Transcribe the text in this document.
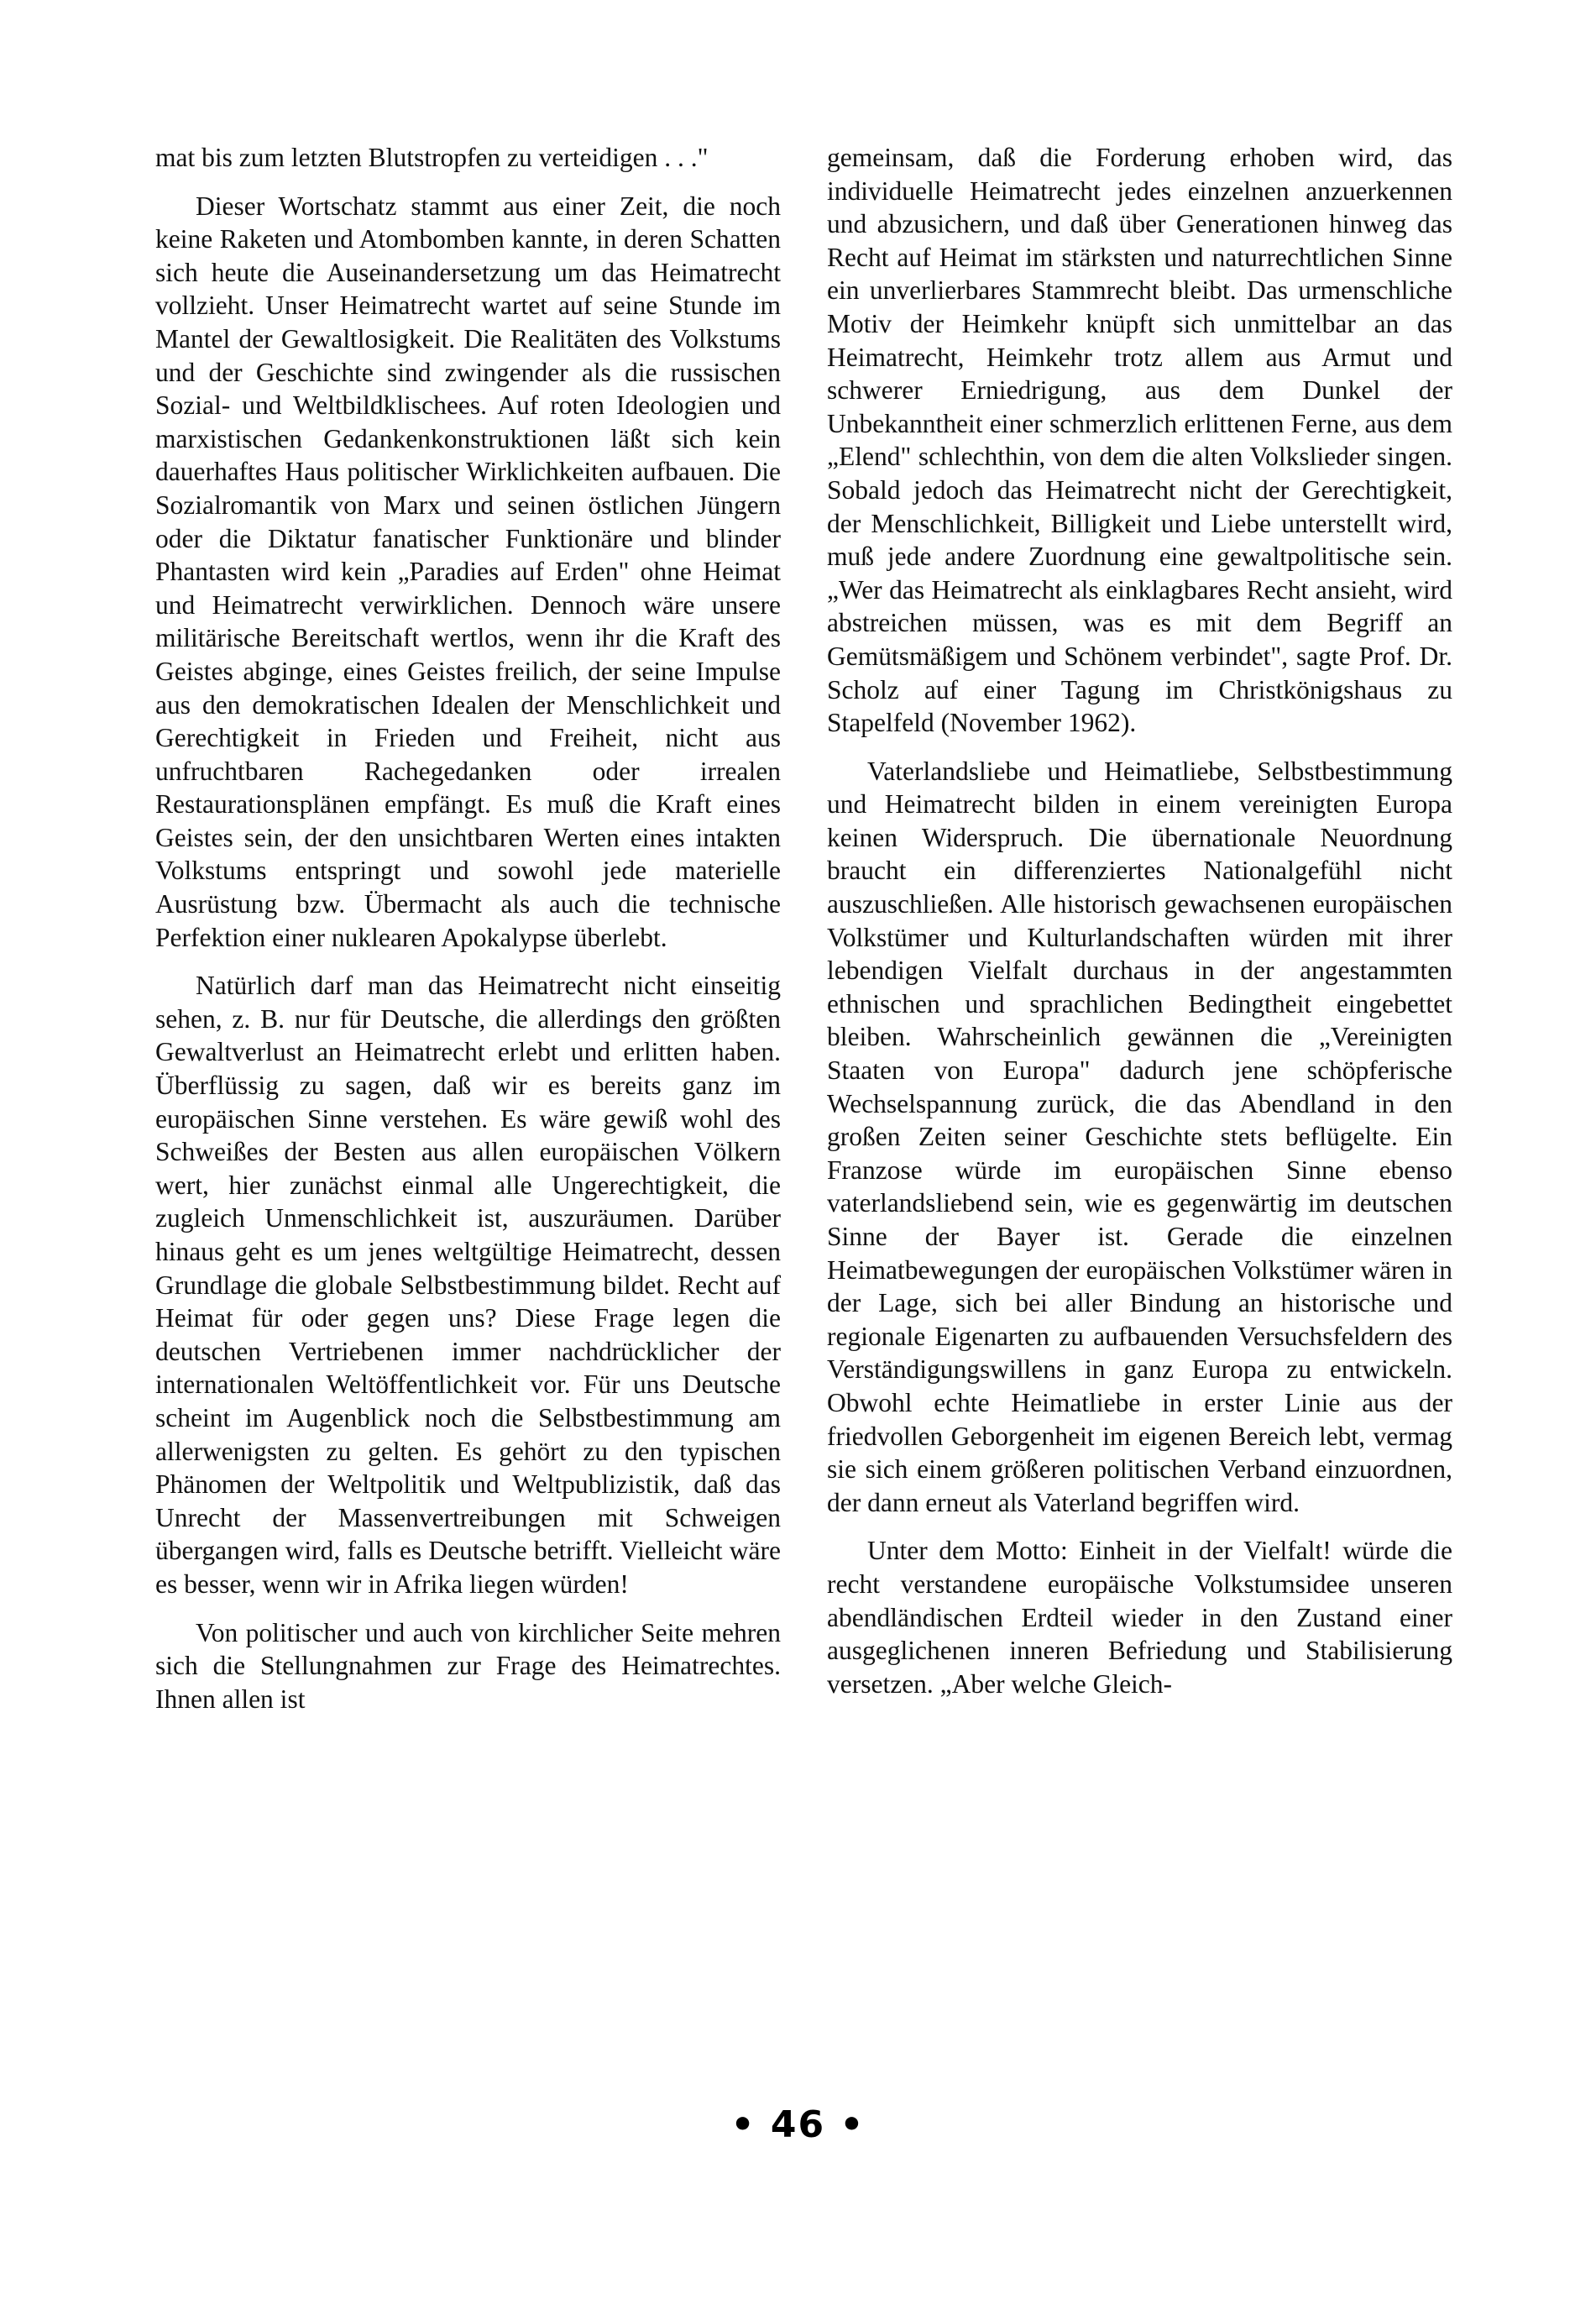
mat bis zum letzten Blutstropfen zu verteidigen . . ."

Dieser Wortschatz stammt aus einer Zeit, die noch keine Raketen und Atombomben kannte, in deren Schatten sich heute die Auseinandersetzung um das Heimatrecht vollzieht. Unser Heimatrecht wartet auf seine Stunde im Mantel der Gewaltlosigkeit. Die Realitäten des Volkstums und der Geschichte sind zwingender als die russischen Sozial- und Weltbildklischees. Auf roten Ideologien und marxistischen Gedankenkonstruktionen läßt sich kein dauerhaftes Haus politischer Wirklichkeiten aufbauen. Die Sozialromantik von Marx und seinen östlichen Jüngern oder die Diktatur fanatischer Funktionäre und blinder Phantasten wird kein „Paradies auf Erden" ohne Heimat und Heimatrecht verwirklichen. Dennoch wäre unsere militärische Bereitschaft wertlos, wenn ihr die Kraft des Geistes abginge, eines Geistes freilich, der seine Impulse aus den demokratischen Idealen der Menschlichkeit und Gerechtigkeit in Frieden und Freiheit, nicht aus unfruchtbaren Rachegedanken oder irrealen Restaurationsplänen empfängt. Es muß die Kraft eines Geistes sein, der den unsichtbaren Werten eines intakten Volkstums entspringt und sowohl jede materielle Ausrüstung bzw. Übermacht als auch die technische Perfektion einer nuklearen Apokalypse überlebt.

Natürlich darf man das Heimatrecht nicht einseitig sehen, z. B. nur für Deutsche, die allerdings den größten Gewaltverlust an Heimatrecht erlebt und erlitten haben. Überflüssig zu sagen, daß wir es bereits ganz im europäischen Sinne verstehen. Es wäre gewiß wohl des Schweißes der Besten aus allen europäischen Völkern wert, hier zunächst einmal alle Ungerechtigkeit, die zugleich Unmenschlichkeit ist, auszuräumen. Darüber hinaus geht es um jenes weltgültige Heimatrecht, dessen Grundlage die globale Selbstbestimmung bildet. Recht auf Heimat für oder gegen uns? Diese Frage legen die deutschen Vertriebenen immer nachdrücklicher der internationalen Weltöffentlichkeit vor. Für uns Deutsche scheint im Augenblick noch die Selbstbestimmung am allerwenigsten zu gelten. Es gehört zu den typischen Phänomen der Weltpolitik und Weltpublizistik, daß das Unrecht der Massenvertreibungen mit Schweigen übergangen wird, falls es Deutsche betrifft. Vielleicht wäre es besser, wenn wir in Afrika liegen würden!

Von politischer und auch von kirchlicher Seite mehren sich die Stellungnahmen zur Frage des Heimatrechtes. Ihnen allen ist

gemeinsam, daß die Forderung erhoben wird, das individuelle Heimatrecht jedes einzelnen anzuerkennen und abzusichern, und daß über Generationen hinweg das Recht auf Heimat im stärksten und naturrechtlichen Sinne ein unverlierbares Stammrecht bleibt. Das urmenschliche Motiv der Heimkehr knüpft sich unmittelbar an das Heimatrecht, Heimkehr trotz allem aus Armut und schwerer Erniedrigung, aus dem Dunkel der Unbekanntheit einer schmerzlich erlittenen Ferne, aus dem „Elend" schlechthin, von dem die alten Volkslieder singen. Sobald jedoch das Heimatrecht nicht der Gerechtigkeit, der Menschlichkeit, Billigkeit und Liebe unterstellt wird, muß jede andere Zuordnung eine gewaltpolitische sein. „Wer das Heimatrecht als einklagbares Recht ansieht, wird abstreichen müssen, was es mit dem Begriff an Gemütsmäßigem und Schönem verbindet", sagte Prof. Dr. Scholz auf einer Tagung im Christkönigshaus zu Stapelfeld (November 1962).

Vaterlandsliebe und Heimatliebe, Selbstbestimmung und Heimatrecht bilden in einem vereinigten Europa keinen Widerspruch. Die übernationale Neuordnung braucht ein differenziertes Nationalgefühl nicht auszuschließen. Alle historisch gewachsenen europäischen Volkstümer und Kulturlandschaften würden mit ihrer lebendigen Vielfalt durchaus in der angestammten ethnischen und sprachlichen Bedingtheit eingebettet bleiben. Wahrscheinlich gewännen die „Vereinigten Staaten von Europa" dadurch jene schöpferische Wechselspannung zurück, die das Abendland in den großen Zeiten seiner Geschichte stets beflügelte. Ein Franzose würde im europäischen Sinne ebenso vaterlandsliebend sein, wie es gegenwärtig im deutschen Sinne der Bayer ist. Gerade die einzelnen Heimatbewegungen der europäischen Volkstümer wären in der Lage, sich bei aller Bindung an historische und regionale Eigenarten zu aufbauenden Versuchsfeldern des Verständigungswillens in ganz Europa zu entwickeln. Obwohl echte Heimatliebe in erster Linie aus der friedvollen Geborgenheit im eigenen Bereich lebt, vermag sie sich einem größeren politischen Verband einzuordnen, der dann erneut als Vaterland begriffen wird.

Unter dem Motto: Einheit in der Vielfalt! würde die recht verstandene europäische Volkstumsidee unseren abendländischen Erdteil wieder in den Zustand einer ausgeglichenen inneren Befriedung und Stabilisierung versetzen. „Aber welche Gleich-

• 46 •
